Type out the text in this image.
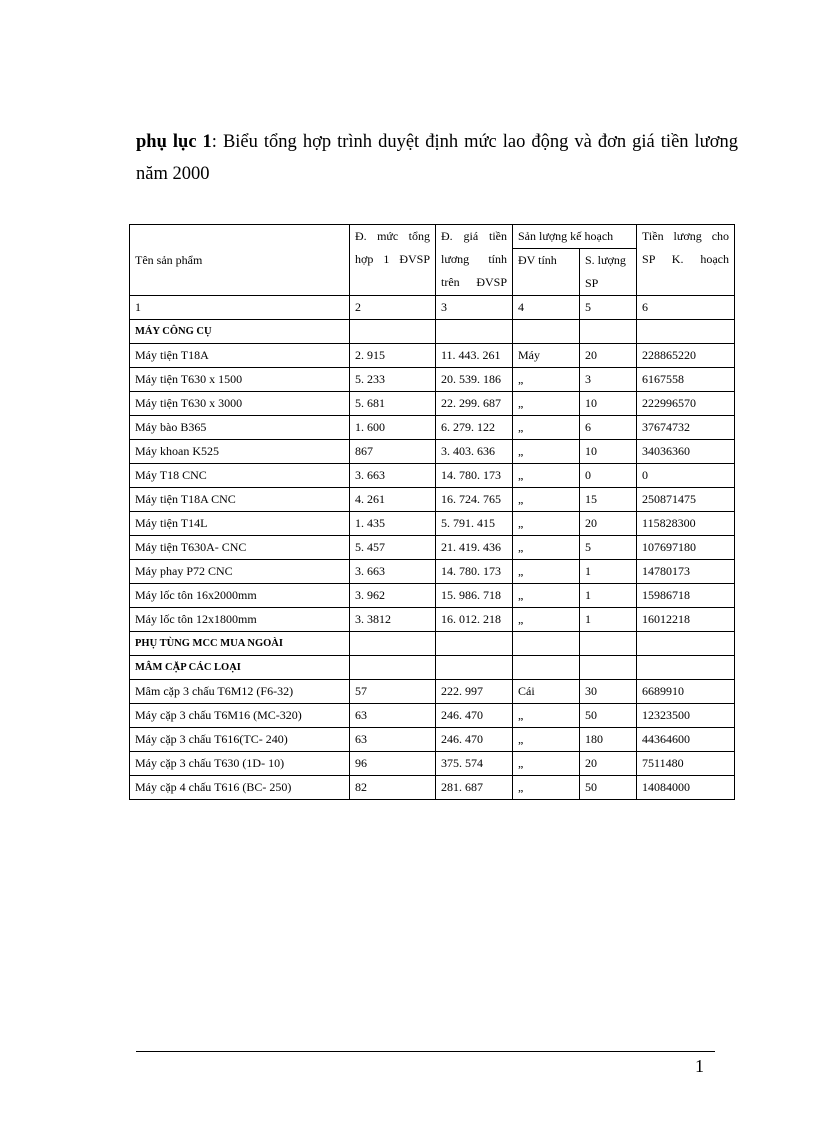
phụ lục 1: Biểu tổng hợp trình duyệt định mức lao động và đơn giá tiền lương năm 2000

Tên sản phẩm	Đ. mức tổng hợp 1 ĐVSP	Đ. giá tiền lương tính trên ĐVSP	Sản lượng kế hoạch		Tiền lương cho SP K. hoạch
			ĐV tính	S. lượng SP	
1	2	3	4	5	6
MÁY CÔNG CỤ					
Máy tiện T18A	2. 915	11. 443. 261	Máy	20	228865220
Máy tiện T630 x 1500	5. 233	20. 539. 186	„	3	6167558
Máy tiện T630 x 3000	5. 681	22. 299. 687	„	10	222996570
Máy bào B365	1. 600	6. 279. 122	„	6	37674732
Máy khoan K525	867	3. 403. 636	„	10	34036360
Máy T18 CNC	3. 663	14. 780. 173	„	0	0
Máy tiện T18A CNC	4. 261	16. 724. 765	„	15	250871475
Máy tiện T14L	1. 435	5. 791. 415	„	20	115828300
Máy tiện T630A- CNC	5. 457	21. 419. 436	„	5	107697180
Máy phay P72 CNC	3. 663	14. 780. 173	„	1	14780173
Máy lốc tôn 16x2000mm	3. 962	15. 986. 718	„	1	15986718
Máy lốc tôn 12x1800mm	3. 3812	16. 012. 218	„	1	16012218
PHỤ TÙNG MCC MUA NGOÀI					
MÂM CẶP CÁC LOẠI					
Mâm cặp 3 chấu T6M12 (F6-32)	57	222. 997	Cái	30	6689910
Máy cặp 3 chấu T6M16 (MC-320)	63	246. 470	„	50	12323500
Máy cặp 3 chấu T616(TC- 240)	63	246. 470	„	180	44364600
Máy cặp 3 chấu T630 (1D- 10)	96	375. 574	„	20	7511480
Máy cặp 4 chấu T616 (BC- 250)	82	281. 687	„	50	14084000
1
